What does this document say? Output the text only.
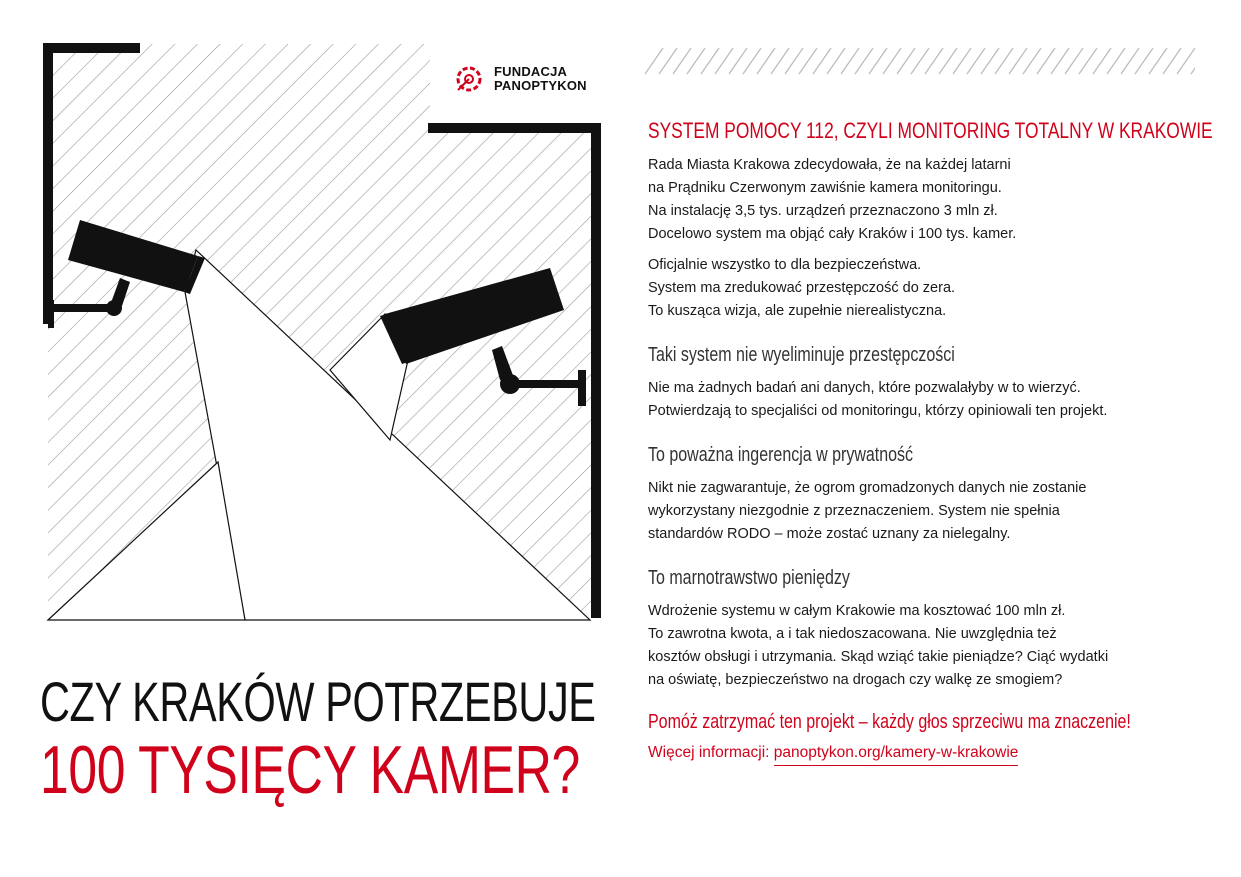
FUNDACJA
PANOPTYKON
CZY KRAKÓW POTRZEBUJE
100 TYSIĘCY KAMER?
SYSTEM POMOCY 112, CZYLI MONITORING TOTALNY W KRAKOWIE
Rada Miasta Krakowa zdecydowała, że na każdej latarni
na Prądniku Czerwonym zawiśnie kamera monitoringu.
Na instalację 3,5 tys. urządzeń przeznaczono 3 mln zł.
Docelowo system ma objąć cały Kraków i 100 tys. kamer.
Oficjalnie wszystko to dla bezpieczeństwa.
System ma zredukować przestępczość do zera.
To kusząca wizja, ale zupełnie nierealistyczna.
Taki system nie wyeliminuje przestępczości
Nie ma żadnych badań ani danych, które pozwalałyby w to wierzyć.
Potwierdzają to specjaliści od monitoringu, którzy opiniowali ten projekt.
To poważna ingerencja w prywatność
Nikt nie zagwarantuje, że ogrom gromadzonych danych nie zostanie
wykorzystany niezgodnie z przeznaczeniem. System nie spełnia
standardów RODO – może zostać uznany za nielegalny.
To marnotrawstwo pieniędzy
Wdrożenie systemu w całym Krakowie ma kosztować 100 mln zł.
To zawrotna kwota, a i tak niedoszacowana. Nie uwzględnia też
kosztów obsługi i utrzymania. Skąd wziąć takie pieniądze? Ciąć wydatki
na oświatę, bezpieczeństwo na drogach czy walkę ze smogiem?
Pomóż zatrzymać ten projekt – każdy głos sprzeciwu ma znaczenie!
Więcej informacji: panoptykon.org/kamery-w-krakowie
